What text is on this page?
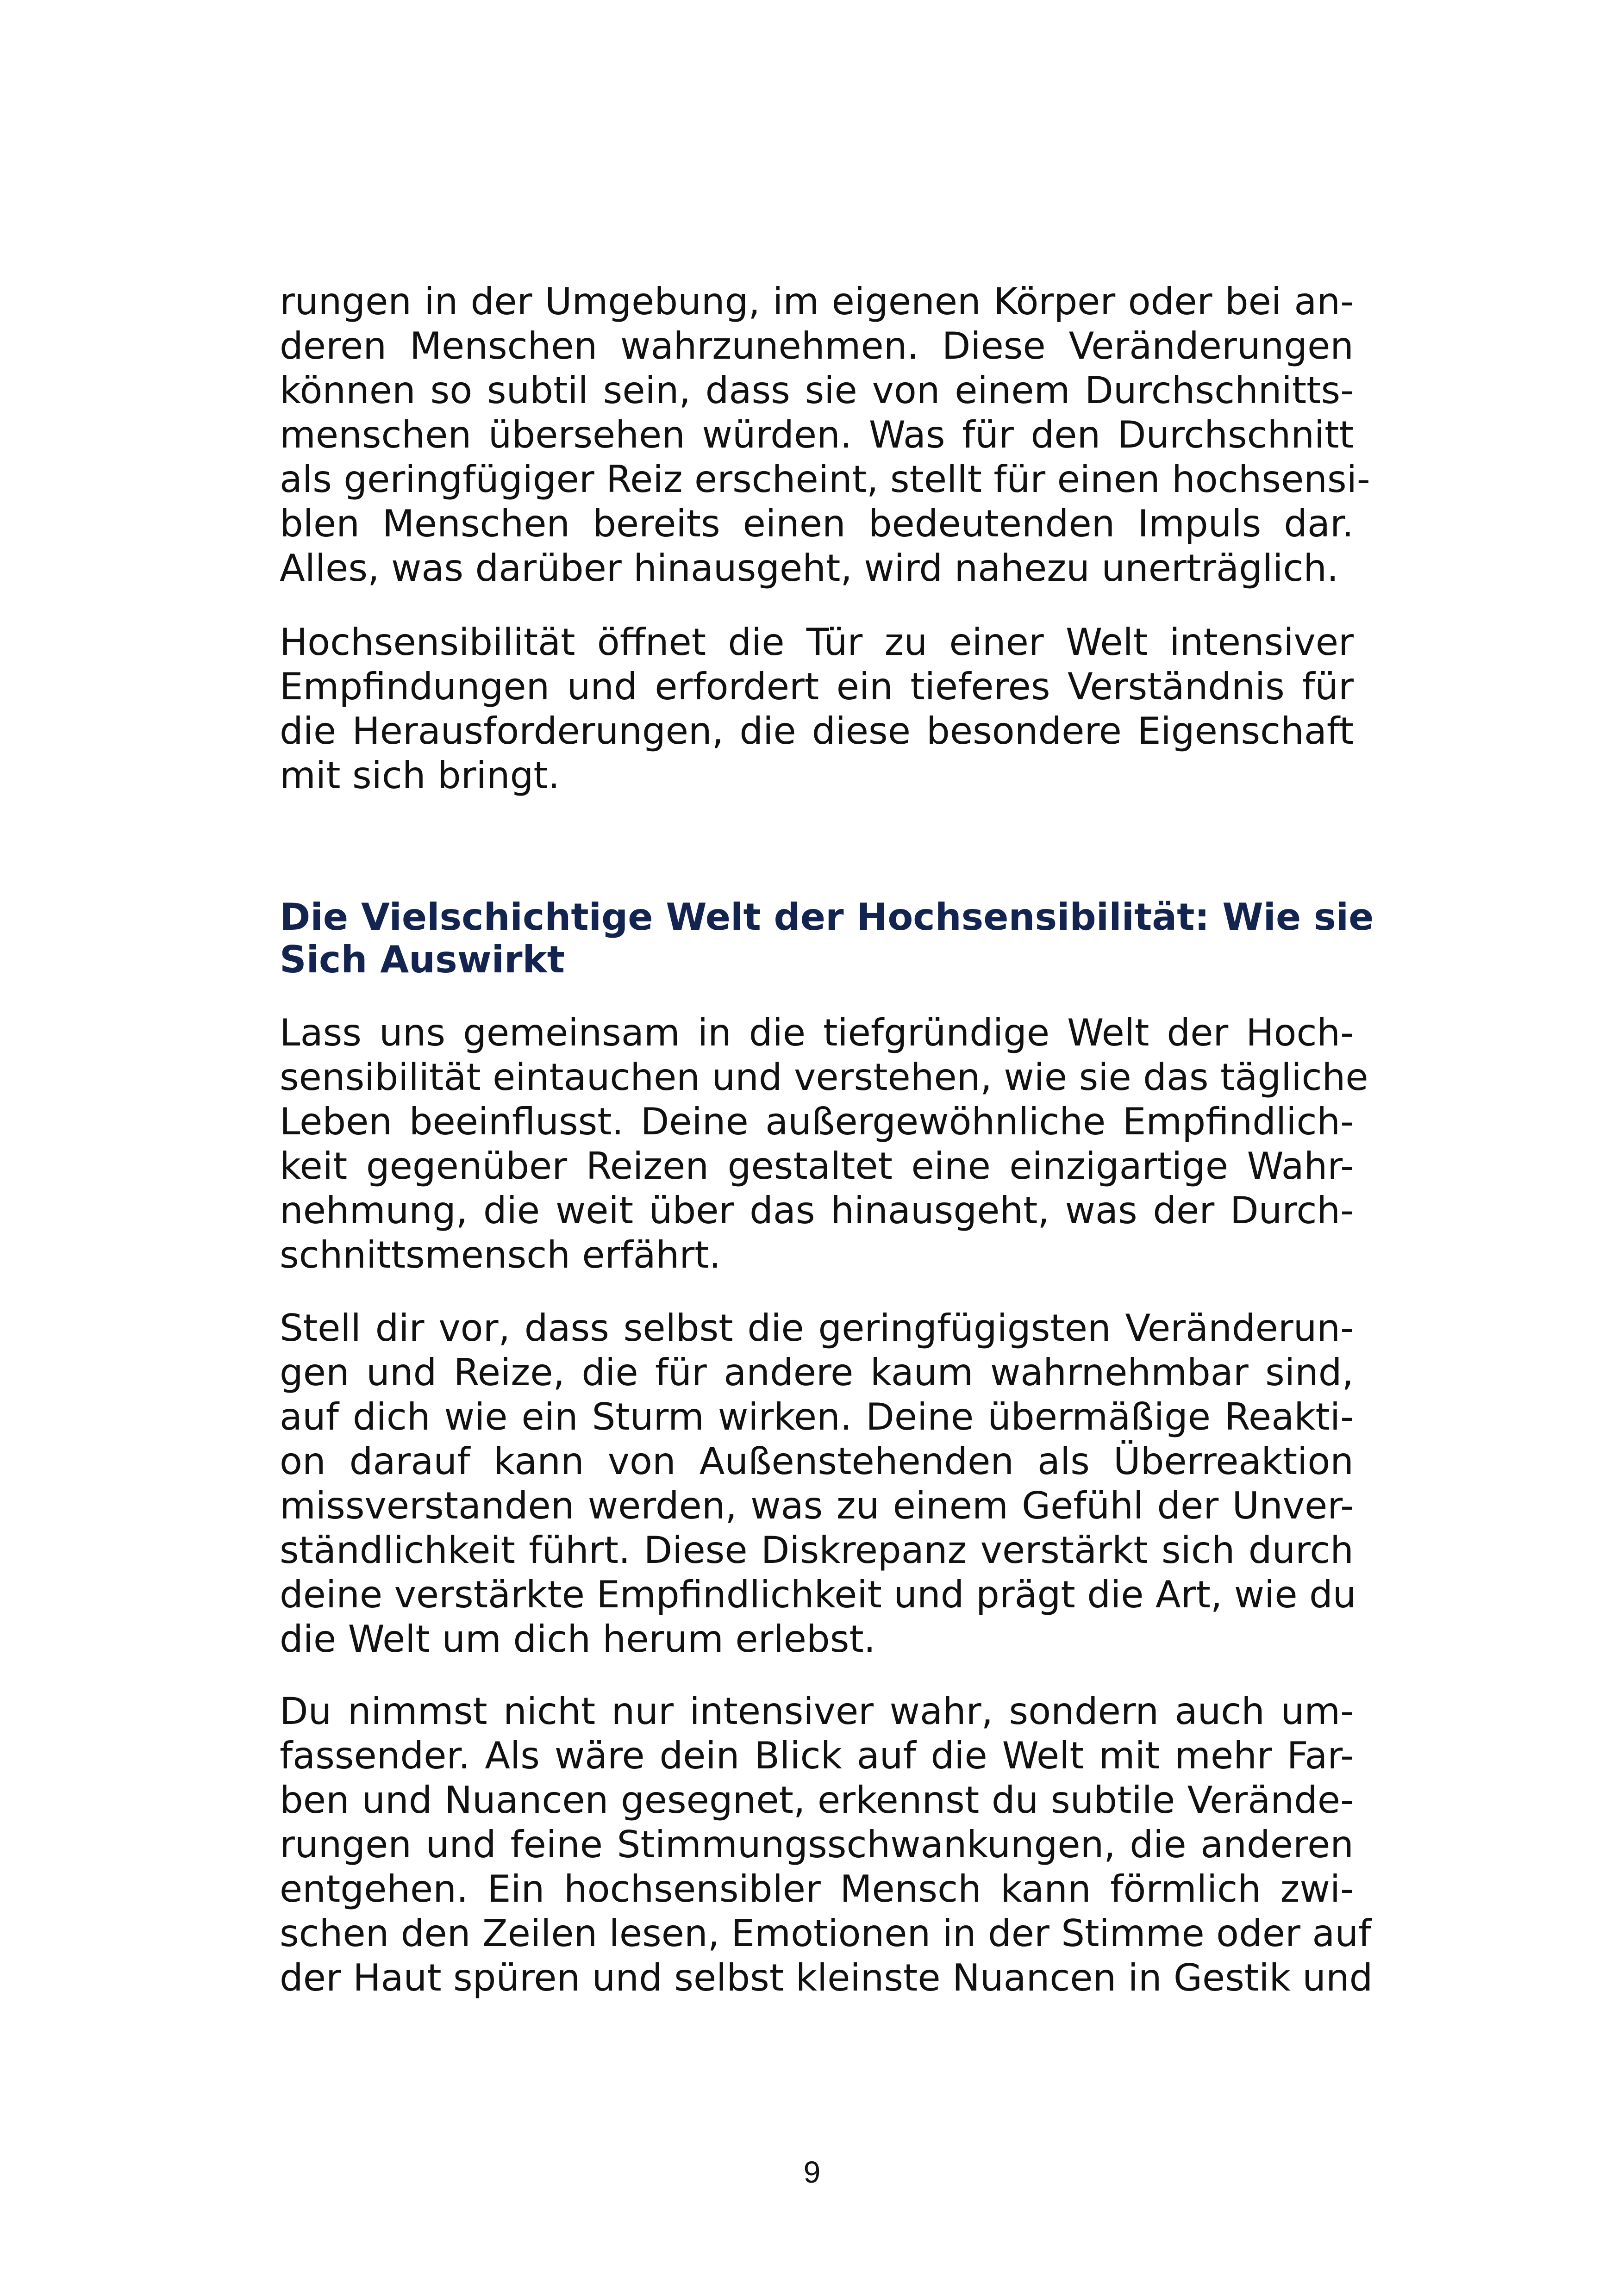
rungen in der Umgebung, im eigenen Körper oder bei an-
deren Menschen wahrzunehmen. Diese Veränderungen
können so subtil sein, dass sie von einem Durchschnitts-
menschen übersehen würden. Was für den Durchschnitt
als geringfügiger Reiz erscheint, stellt für einen hochsensi-
blen Menschen bereits einen bedeutenden Impuls dar.
Alles, was darüber hinausgeht, wird nahezu unerträglich.
Hochsensibilität öffnet die Tür zu einer Welt intensiver
Empfindungen und erfordert ein tieferes Verständnis für
die Herausforderungen, die diese besondere Eigenschaft
mit sich bringt.
Die Vielschichtige Welt der Hochsensibilität: Wie sie
Sich Auswirkt
Lass uns gemeinsam in die tiefgründige Welt der Hoch-
sensibilität eintauchen und verstehen, wie sie das tägliche
Leben beeinflusst. Deine außergewöhnliche Empfindlich-
keit gegenüber Reizen gestaltet eine einzigartige Wahr-
nehmung, die weit über das hinausgeht, was der Durch-
schnittsmensch erfährt.
Stell dir vor, dass selbst die geringfügigsten Veränderun-
gen und Reize, die für andere kaum wahrnehmbar sind,
auf dich wie ein Sturm wirken. Deine übermäßige Reakti-
on darauf kann von Außenstehenden als Überreaktion
missverstanden werden, was zu einem Gefühl der Unver-
ständlichkeit führt. Diese Diskrepanz verstärkt sich durch
deine verstärkte Empfindlichkeit und prägt die Art, wie du
die Welt um dich herum erlebst.
Du nimmst nicht nur intensiver wahr, sondern auch um-
fassender. Als wäre dein Blick auf die Welt mit mehr Far-
ben und Nuancen gesegnet, erkennst du subtile Verände-
rungen und feine Stimmungsschwankungen, die anderen
entgehen. Ein hochsensibler Mensch kann förmlich zwi-
schen den Zeilen lesen, Emotionen in der Stimme oder auf
der Haut spüren und selbst kleinste Nuancen in Gestik und
9
